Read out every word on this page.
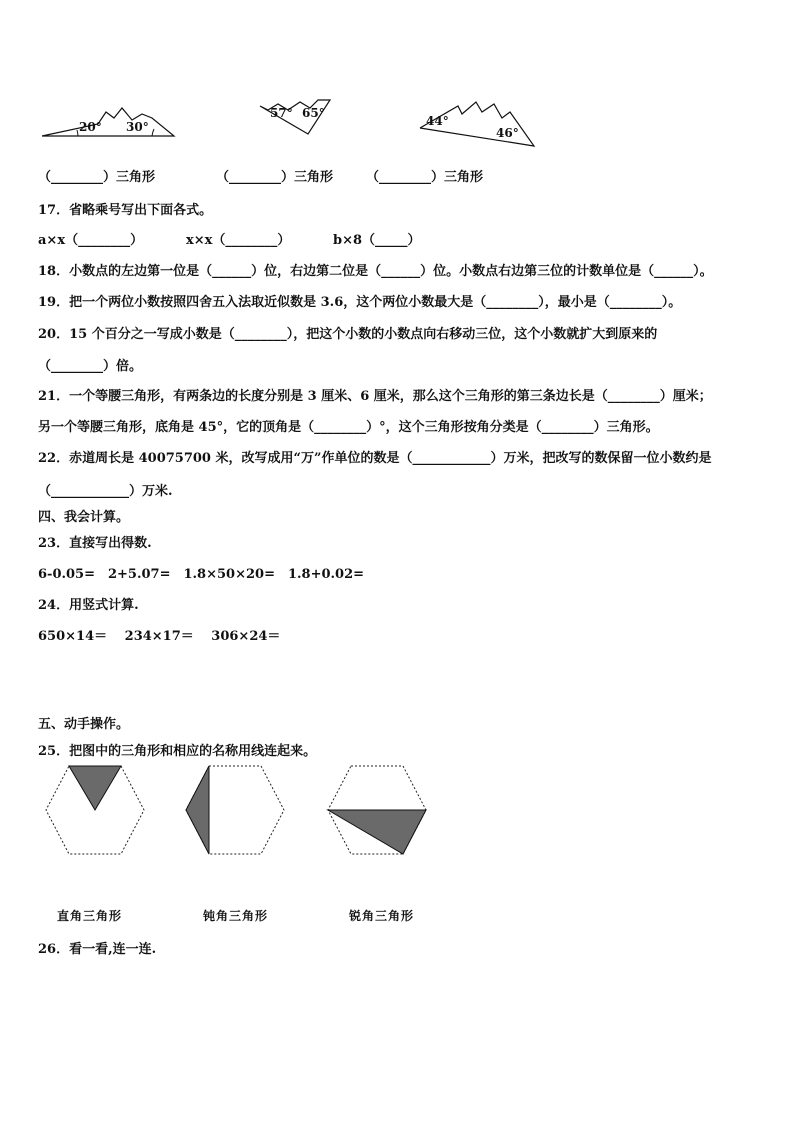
20° 30°
57° 65°
44°
46°
（________）三角形	（________）三角形	（________）三角形
17．省略乘号写出下面各式。
a×x（________）	x×x（________）	b×8（_____）
18．小数点的左边第一位是（______）位，右边第二位是（______）位。小数点右边第三位的计数单位是（______）。
19．把一个两位小数按照四舍五入法取近似数是 3.6，这个两位小数最大是（________），最小是（________）。
20．15 个百分之一写成小数是（________），把这个小数的小数点向右移动三位，这个小数就扩大到原来的
（________）倍。
21．一个等腰三角形，有两条边的长度分别是 3 厘米、6 厘米，那么这个三角形的第三条边长是（________）厘米；
另一个等腰三角形，底角是 45°，它的顶角是（________）°，这个三角形按角分类是（________）三角形。
22．赤道周长是 40075700 米，改写成用“万”作单位的数是（____________）万米，把改写的数保留一位小数约是
（____________）万米.
四、我会计算。
23．直接写出得数.
6-0.05=　2+5.07=　1.8×50×20=　1.8+0.02=
24．用竖式计算.
650×14＝　 234×17＝　 306×24＝
五、动手操作。
25．把图中的三角形和相应的名称用线连起来。
直角三角形	钝角三角形	锐角三角形
26．看一看,连一连.
